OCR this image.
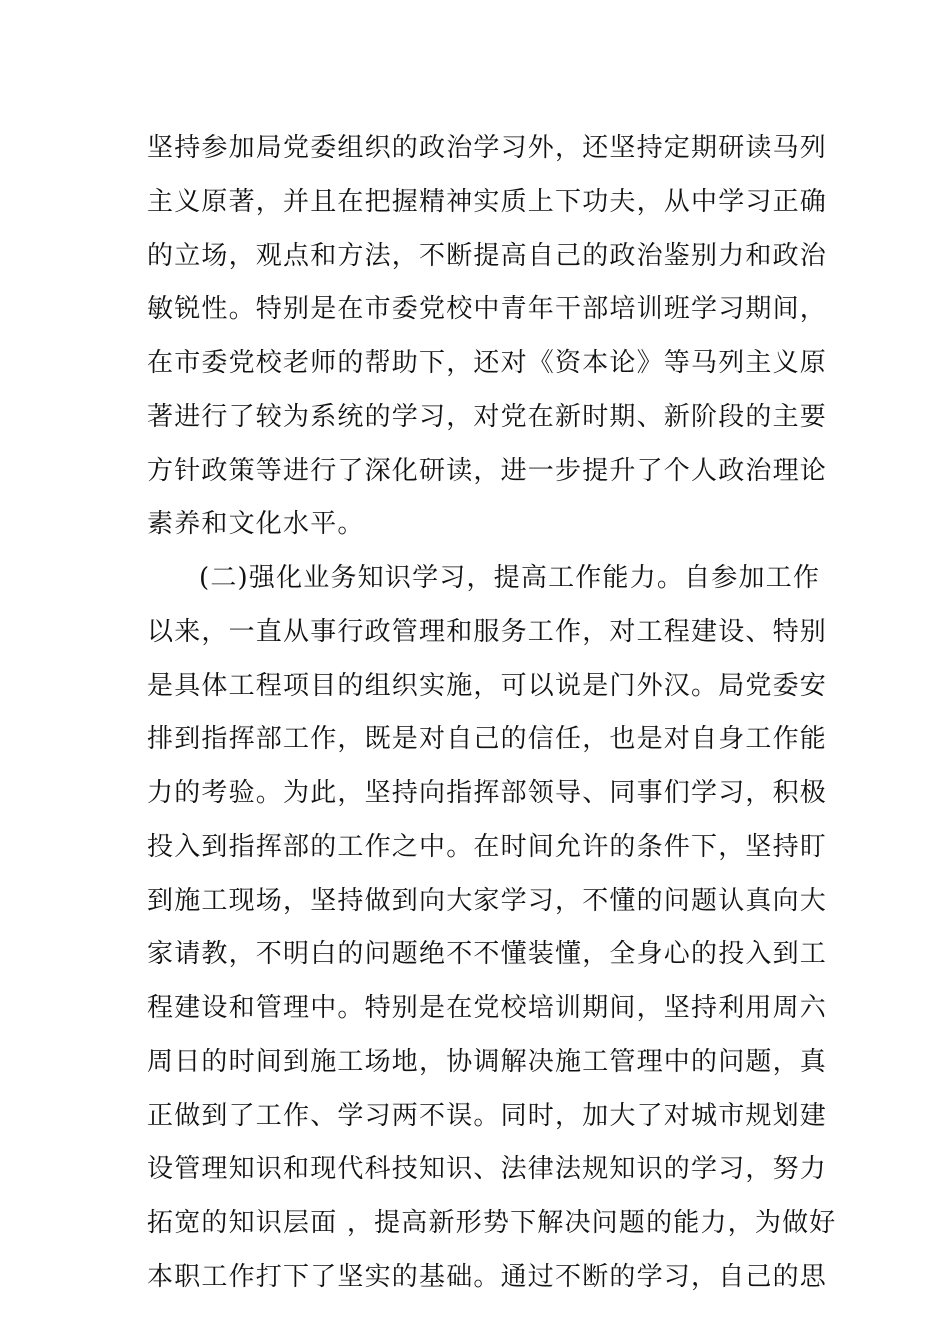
坚持参加局党委组织的政治学习外，还坚持定期研读马列
主义原著，并且在把握精神实质上下功夫，从中学习正确
的立场，观点和方法，不断提高自己的政治鉴别力和政治
敏锐性。特别是在市委党校中青年干部培训班学习期间，
在市委党校老师的帮助下，还对《资本论》等马列主义原
著进行了较为系统的学习，对党在新时期、新阶段的主要
方针政策等进行了深化研读，进一步提升了个人政治理论
素养和文化水平。
(二)强化业务知识学习，提高工作能力。自参加工作
以来，一直从事行政管理和服务工作，对工程建设、特别
是具体工程项目的组织实施，可以说是门外汉。局党委安
排到指挥部工作，既是对自己的信任，也是对自身工作能
力的考验。为此，坚持向指挥部领导、同事们学习，积极
投入到指挥部的工作之中。在时间允许的条件下，坚持盯
到施工现场，坚持做到向大家学习，不懂的问题认真向大
家请教，不明白的问题绝不不懂装懂，全身心的投入到工
程建设和管理中。特别是在党校培训期间，坚持利用周六
周日的时间到施工场地，协调解决施工管理中的问题，真
正做到了工作、学习两不误。同时，加大了对城市规划建
设管理知识和现代科技知识、法律法规知识的学习，努力
拓宽的知识层面 ，提高新形势下解决问题的能力，为做好
本职工作打下了坚实的基础。通过不断的学习，自己的思
